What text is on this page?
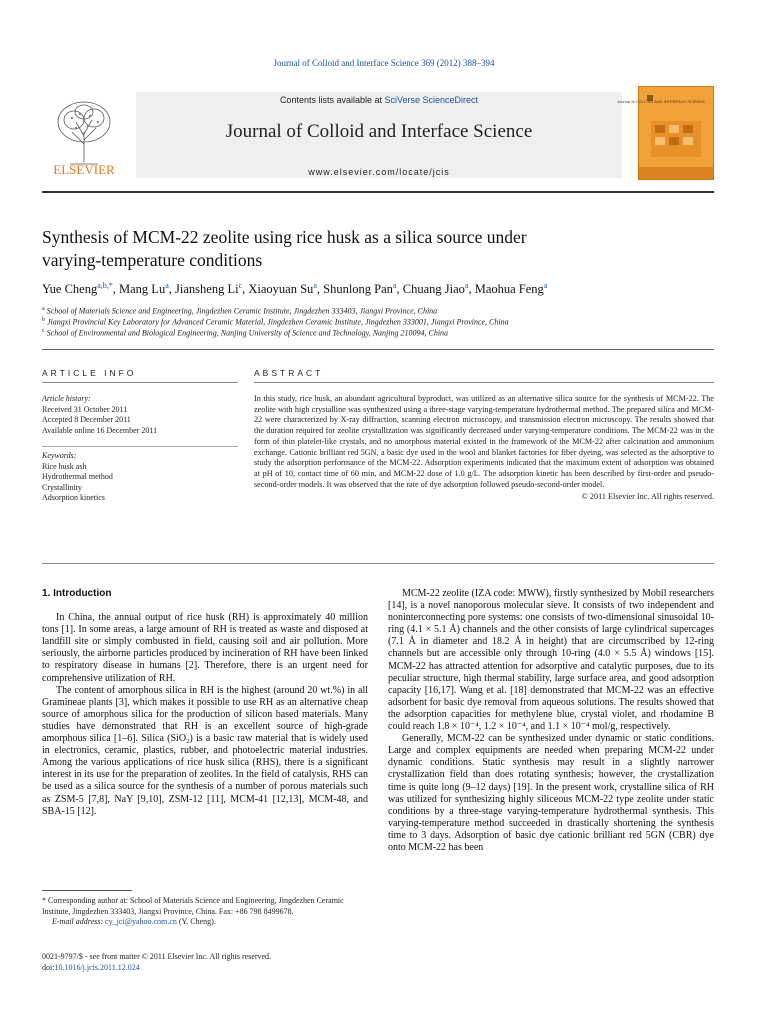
Journal of Colloid and Interface Science 369 (2012) 388–394
ELSEVIER
Contents lists available at SciVerse ScienceDirect
Journal of Colloid and Interface Science
www.elsevier.com/locate/jcis
Journal of COLLOID AND INTERFACE SCIENCE
Synthesis of MCM-22 zeolite using rice husk as a silica source under
varying-temperature conditions
Yue Cheng$^{a,b,*}$, Mang Lu$^a$, Jiansheng Li$^c$, Xiaoyuan Su$^a$, Shunlong Pan$^a$, Chuang Jiao$^a$, Maohua Feng$^a$
$^a$ School of Materials Science and Engineering, Jingdezhen Ceramic Institute, Jingdezhen 333403, Jiangxi Province, China
$^b$ Jiangxi Provincial Key Laboratory for Advanced Ceramic Material, Jingdezhen Ceramic Institute, Jingdezhen 333001, Jiangxi Province, China
$^c$ School of Environmental and Biological Engineering, Nanjing University of Science and Technology, Nanjing 210094, China
ARTICLE INFO	ABSTRACT
Article history:
Received 31 October 2011
Accepted 8 December 2011
Available online 16 December 2011
Keywords:
Rice husk ash
Hydrothermal method
Crystallinity
Adsorption kinetics
In this study, rice husk, an abundant agricultural byproduct, was utilized as an alternative silica source for the synthesis of MCM-22. The zeolite with high crystalline was synthesized using a three-stage varying-temperature hydrothermal method. The prepared silica and MCM-22 were characterized by X-ray diffraction, scanning electron microscopy, and transmission electron microscopy. The results showed that the duration required for zeolite crystallization was significantly decreased under varying-temperature conditions. The MCM-22 was in the form of thin platelet-like crystals, and no amorphous material existed in the framework of the MCM-22 after calcination and ammonium exchange. Cationic brilliant red 5GN, a basic dye used in the wool and blanket factories for fiber dyeing, was selected as the adsorptive to study the adsorption performance of the MCM-22. Adsorption experiments indicated that the maximum extent of adsorption was obtained at pH of 10, contact time of 60 min, and MCM-22 dose of 1.0 g/L. The adsorption kinetic has been described by first-order and pseudo-second-order models. It was observed that the rate of dye adsorption followed pseudo-second-order model.
© 2011 Elsevier Inc. All rights reserved.
1. Introduction

In China, the annual output of rice husk (RH) is approximately 40 million tons [1]. In some areas, a large amount of RH is treated as waste and disposed at landfill site or simply combusted in field, causing soil and air pollution. More seriously, the airborne particles produced by incineration of RH have been linked to respiratory disease in humans [2]. Therefore, there is an urgent need for comprehensive utilization of RH.

The content of amorphous silica in RH is the highest (around 20 wt.%) in all Gramineae plants [3], which makes it possible to use RH as an alternative cheap source of amorphous silica for the production of silicon based materials. Many studies have demonstrated that RH is an excellent source of high-grade amorphous silica [1–6]. Silica (SiO₂) is a basic raw material that is widely used in electronics, ceramic, plastics, rubber, and photoelectric material industries. Among the various applications of rice husk silica (RHS), there is a significant interest in its use for the preparation of zeolites. In the field of catalysis, RHS can be used as a silica source for the synthesis of a number of porous materials such as ZSM-5 [7,8], NaY [9,10], ZSM-12 [11], MCM-41 [12,13], MCM-48, and SBA-15 [12].

MCM-22 zeolite (IZA code: MWW), firstly synthesized by Mobil researchers [14], is a novel nanoporous molecular sieve. It consists of two independent and noninterconnecting pore systems: one consists of two-dimensional sinusoidal 10-ring (4.1 × 5.1 Å) channels and the other consists of large cylindrical supercages (7.1 Å in diameter and 18.2 Å in height) that are circumscribed by 12-ring channels but are accessible only through 10-ring (4.0 × 5.5 Å) windows [15]. MCM-22 has attracted attention for adsorptive and catalytic purposes, due to its peculiar structure, high thermal stability, large surface area, and good adsorption capacity [16,17]. Wang et al. [18] demonstrated that MCM-22 was an effective adsorbent for basic dye removal from aqueous solutions. The results showed that the adsorption capacities for methylene blue, crystal violet, and rhodamine B could reach 1.8 × 10⁻⁴, 1.2 × 10⁻⁴, and 1.1 × 10⁻⁴ mol/g, respectively.

Generally, MCM-22 can be synthesized under dynamic or static conditions. Large and complex equipments are needed when preparing MCM-22 under dynamic conditions. Static synthesis may result in a slightly narrower crystallization field than does rotating synthesis; however, the crystallization time is quite long (9–12 days) [19]. In the present work, crystalline silica of RH was utilized for synthesizing highly siliceous MCM-22 type zeolite under static conditions by a three-stage varying-temperature hydrothermal synthesis. This varying-temperature method succeeded in drastically shortening the synthesis time to 3 days. Adsorption of basic dye cationic brilliant red 5GN (CBR) dye onto MCM-22 has been

* Corresponding author at: School of Materials Science and Engineering, Jingdezhen Ceramic Institute, Jingdezhen 333403, Jiangxi Province, China. Fax: +86 798 8499678.

E-mail address: cy_jci@yahoo.com.cn (Y. Cheng).

0021-9797/$ - see front matter © 2011 Elsevier Inc. All rights reserved.

doi:10.1016/j.jcis.2011.12.024
